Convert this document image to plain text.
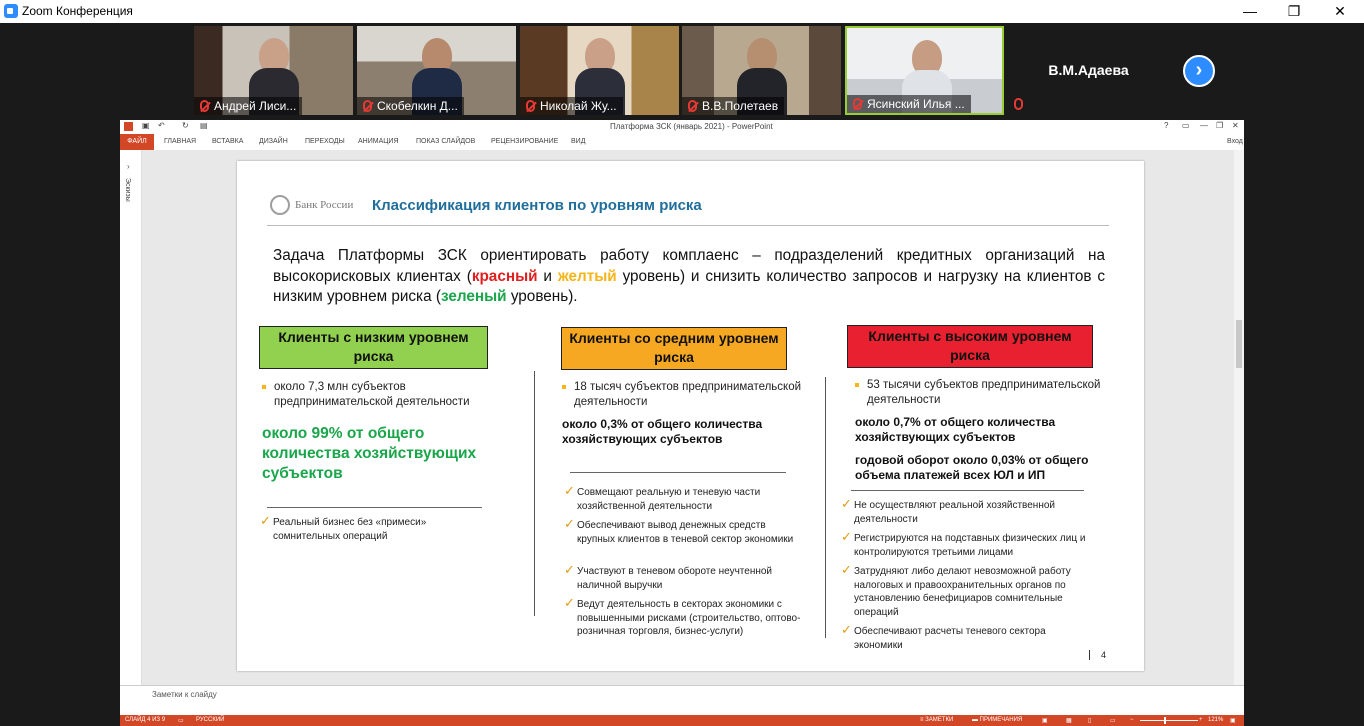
Zoom Конференция	— ❐ ✕
Андрей Лиси...	Скобелкин Д...	Николай Жу...	В.В.Полетаев	Ясинский Илья ...
В.М.Адаева	›
▣ ↶ ↻ ▤	Платформа ЗСК (январь 2021) - PowerPoint	? ▭ — ❐ ✕
ФАЙЛ	ГЛАВНАЯ ВСТАВКА ДИЗАЙН ПЕРЕХОДЫ АНИМАЦИЯ ПОКАЗ СЛАЙДОВ РЕЦЕНЗИРОВАНИЕ ВИД	Вход
›
Эскизы
Банк России Классификация клиентов по уровням риска
Задача Платформы ЗСК ориентировать работу комплаенс – подразделений кредитных организаций на высокорисковых клиентах (красный и желтый уровень) и снизить количество запросов и нагрузку на клиентов с низким уровнем риска (зеленый уровень).
Клиенты с низким уровнем риска
Клиенты со средним уровнем риска
Клиенты с высоким уровнем риска
около 7,3 млн субъектов предпринимательской деятельности
около 99% от общего количества хозяйствующих субъектов
✓ Реальный бизнес без «примеси» сомнительных операций
18 тысяч субъектов предпринимательской деятельности
около 0,3% от общего количества хозяйствующих субъектов
✓ Совмещают реальную и теневую части хозяйственной деятельности
✓ Обеспечивают вывод денежных средств крупных клиентов в теневой сектор экономики
✓ Участвуют в теневом обороте неучтенной наличной выручки
✓ Ведут деятельность в секторах экономики с повышенными рисками (строительство, оптово-розничная торговля, бизнес-услуги)
53 тысячи субъектов предпринимательской деятельности
около 0,7% от общего количества хозяйствующих субъектов
годовой оборот около 0,03% от общего объема платежей всех ЮЛ и ИП
✓ Не осуществляют реальной хозяйственной деятельности
✓ Регистрируются на подставных физических лиц и контролируются третьими лицами
✓ Затрудняют либо делают невозможной работу налоговых и правоохранительных органов по установлению бенефициаров сомнительные операций
✓ Обеспечивают расчеты теневого сектора экономики
4
Заметки к слайду
СЛАЙД 4 ИЗ 9 ▭ РУССКИЙ	≡ ЗАМЕТКИ	▬ ПРИМЕЧАНИЯ	▣	▦	▯	▭ −	+ 121% ▣
